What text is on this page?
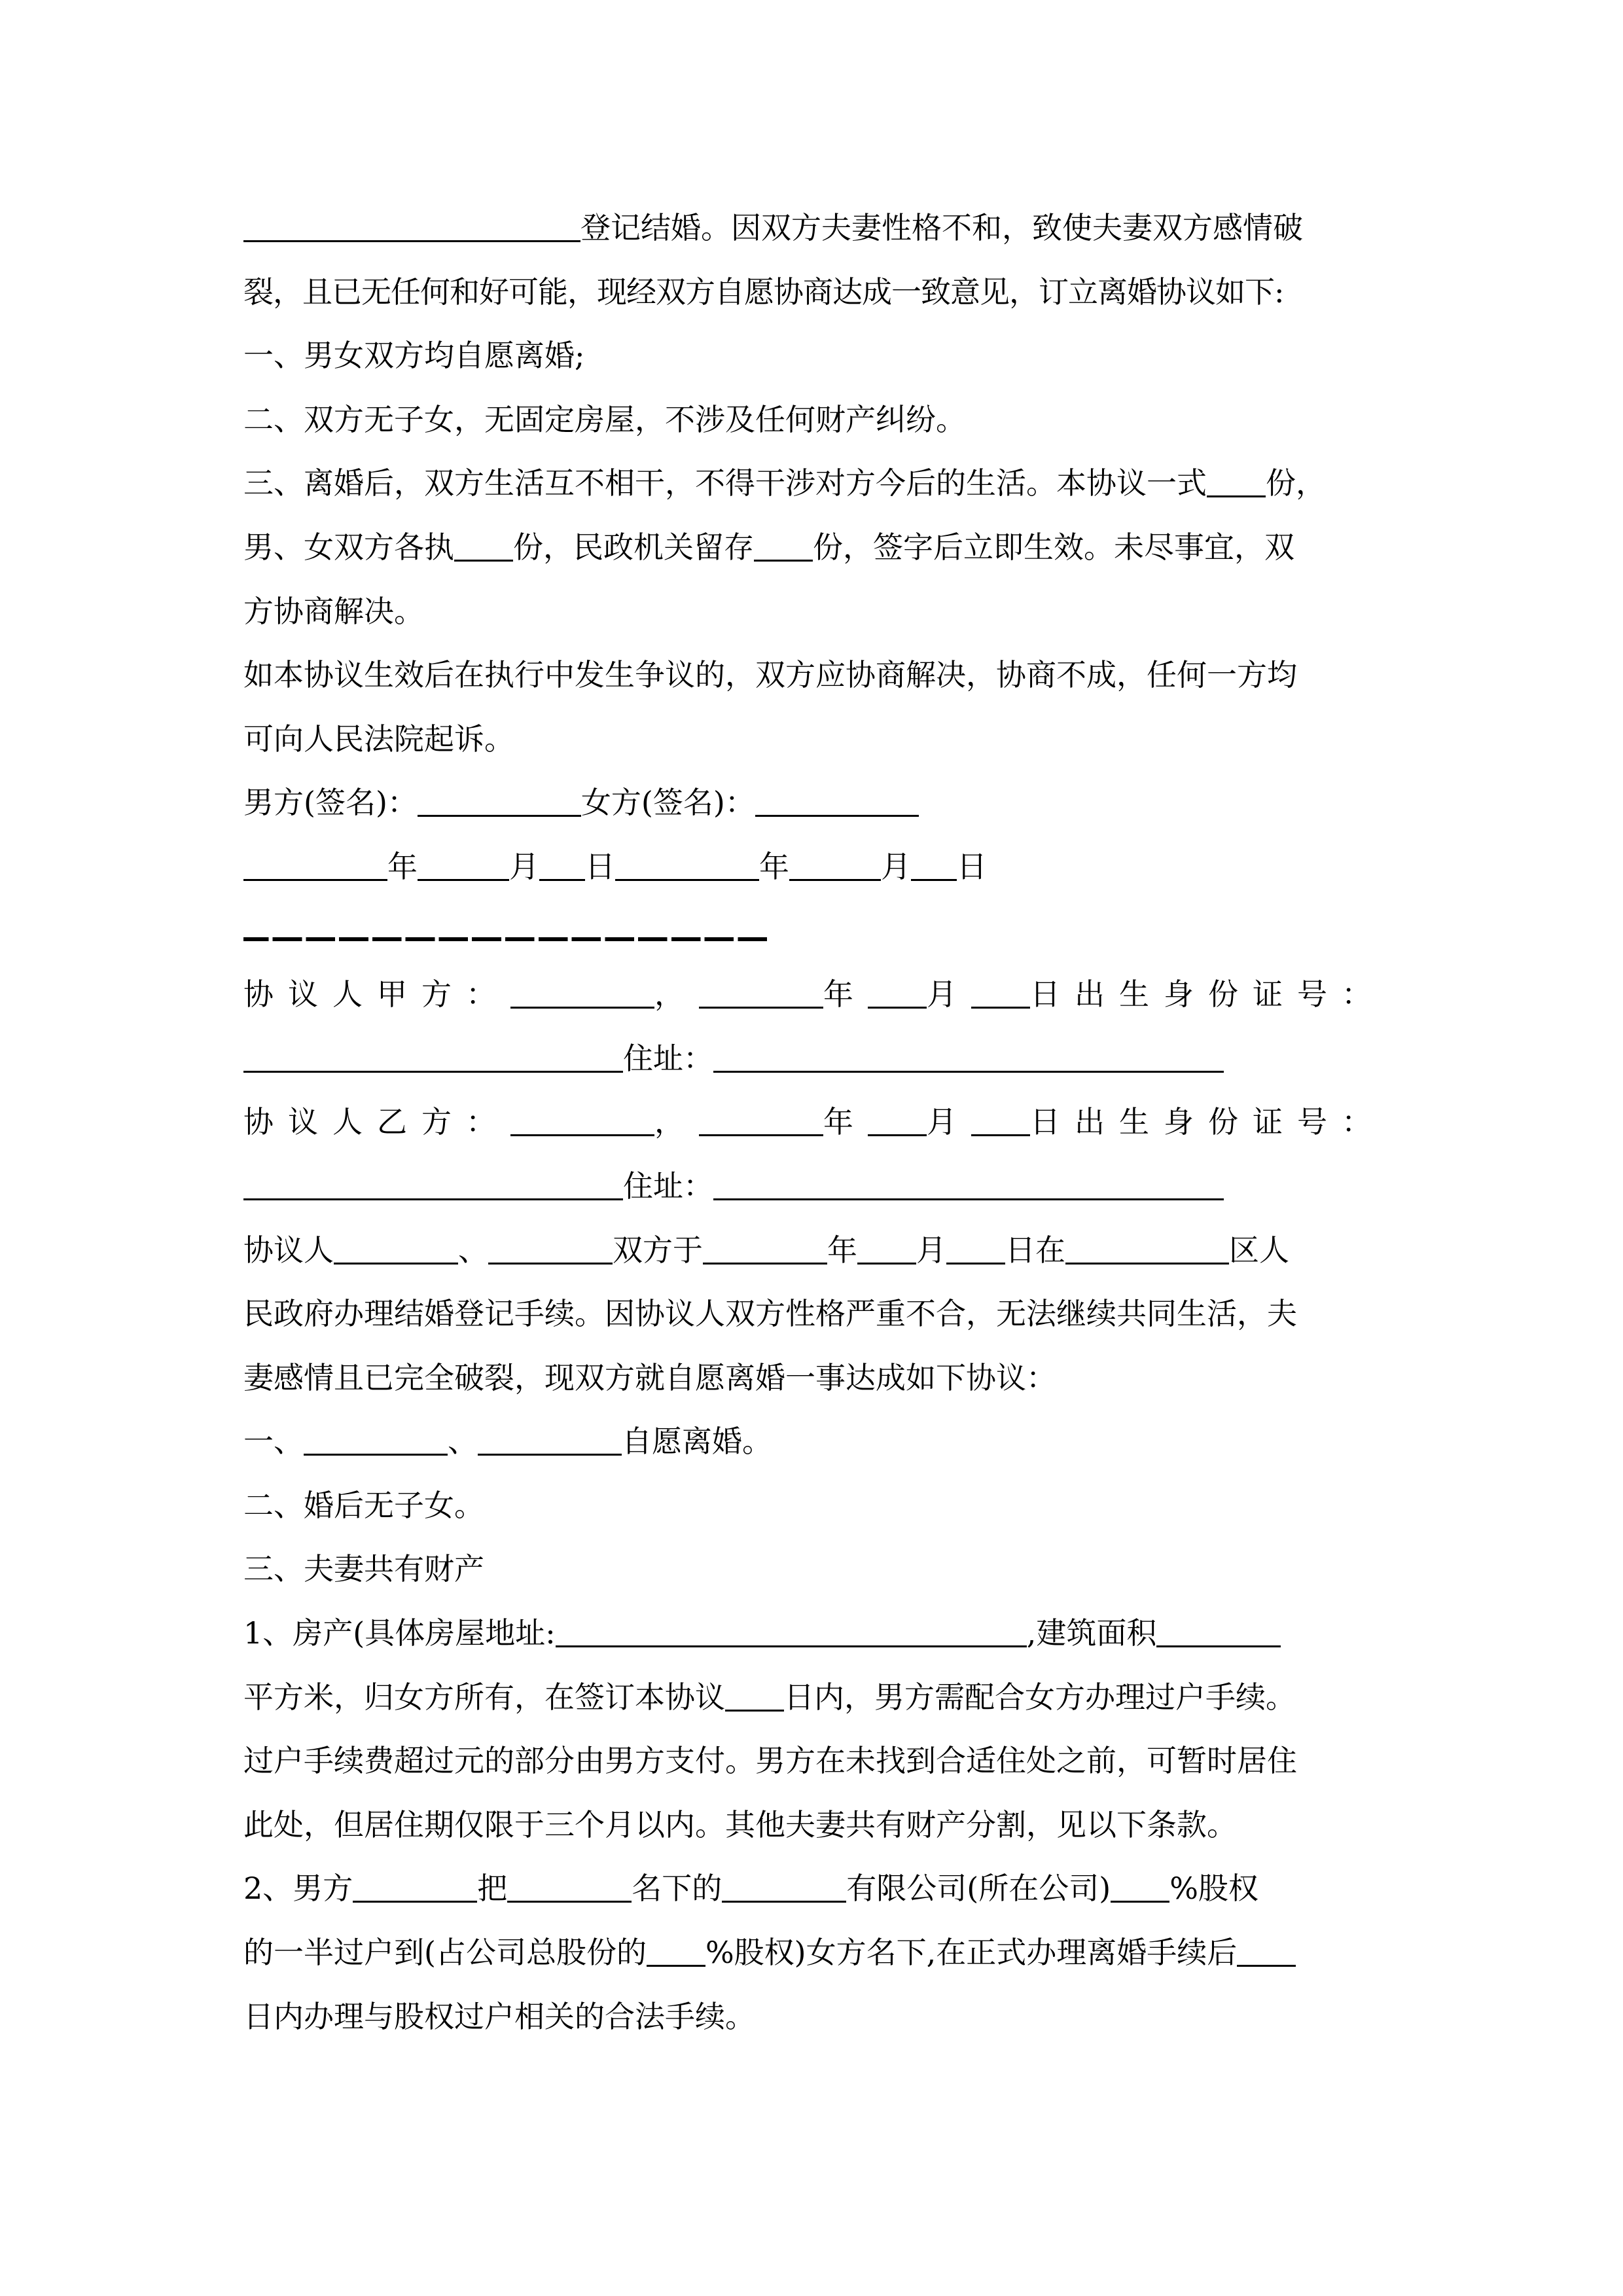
登记结婚。因双方夫妻性格不和，致使夫妻双方感情破
裂，且已无任何和好可能，现经双方自愿协商达成一致意见，订立离婚协议如下:
一、男女双方均自愿离婚;
二、双方无子女，无固定房屋，不涉及任何财产纠纷。
三、离婚后，双方生活互不相干，不得干涉对方今后的生活。本协议一式 份，
男、女双方各执 份，民政机关留存 份，签字后立即生效。未尽事宜，双
方协商解决。
如本协议生效后在执行中发生争议的，双方应协商解决，协商不成，任何一方均
可向人民法院起诉。
男方(签名)：	女方(签名)：
年	月 日	年	月 日
协议人甲方：	，	年 月 日出生身份证号：
住址：
协议人乙方：	，	年 月 日出生身份证号：
住址：
协议人	、	双方于	年 月 日在	区人
民政府办理结婚登记手续。因协议人双方性格严重不合，无法继续共同生活，夫
妻感情且已完全破裂，现双方就自愿离婚一事达成如下协议：
一、	、	自愿离婚。
二、婚后无子女。
三、夫妻共有财产
1、房产(具体房屋地址:	,建筑面积
平方米，归女方所有，在签订本协议 日内，男方需配合女方办理过户手续。
过户手续费超过元的部分由男方支付。男方在未找到合适住处之前，可暂时居住
此处，但居住期仅限于三个月以内。其他夫妻共有财产分割，见以下条款。
2、男方	把	名下的	有限公司(所在公司) %股权
的一半过户到(占公司总股份的 %股权)女方名下,在正式办理离婚手续后
日内办理与股权过户相关的合法手续。
